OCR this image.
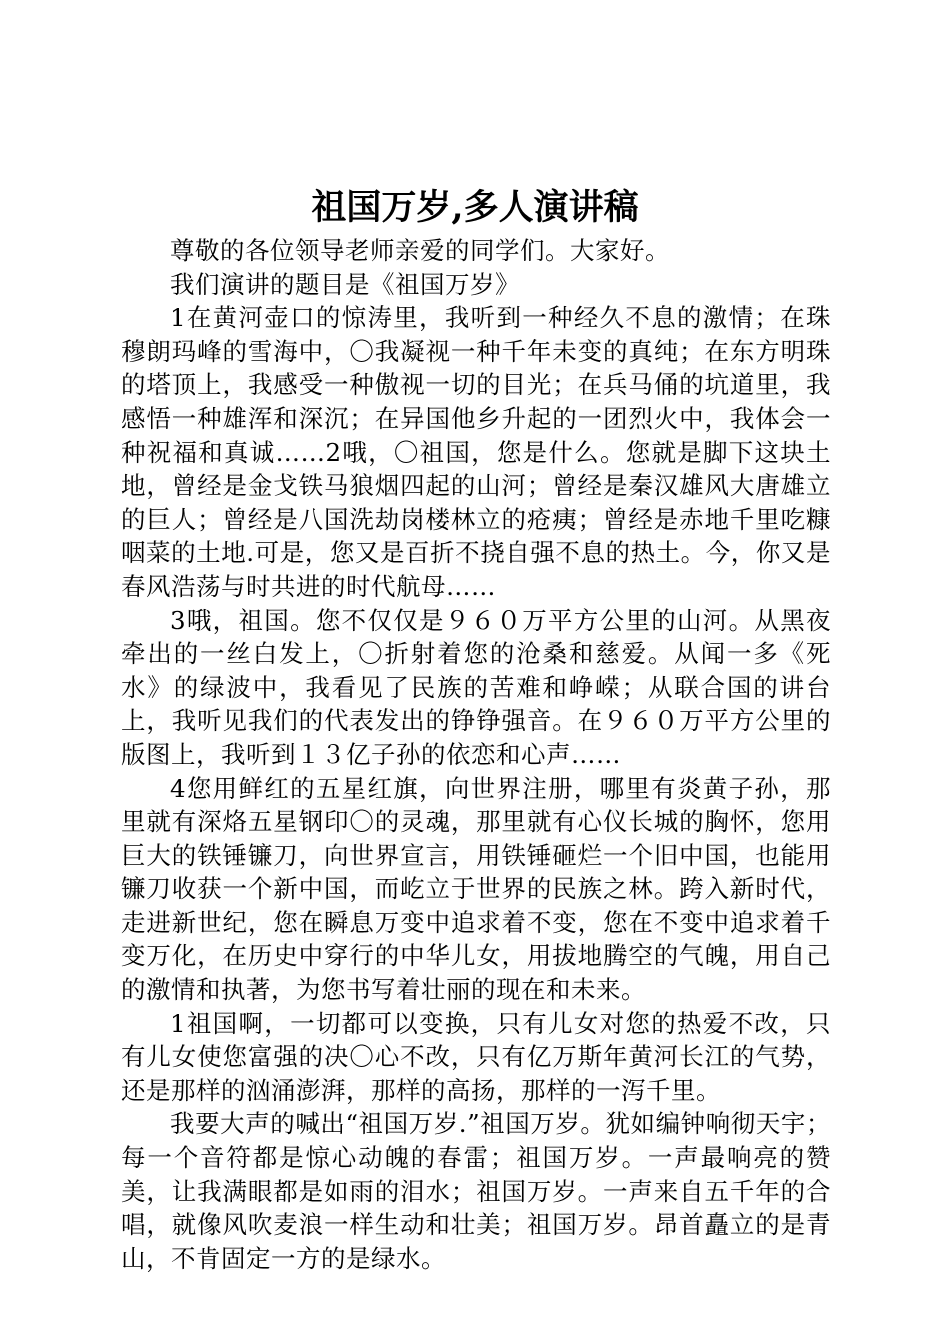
祖国万岁,多人演讲稿

尊敬的各位领导老师亲爱的同学们。大家好。

我们演讲的题目是《祖国万岁》

1在黄河壶口的惊涛里，我听到一种经久不息的激情；在珠穆朗玛峰的雪海中，〇我凝视一种千年未变的真纯；在东方明珠的塔顶上，我感受一种傲视一切的目光；在兵马俑的坑道里，我感悟一种雄浑和深沉；在异国他乡升起的一团烈火中，我体会一种祝福和真诚……2哦，〇祖国，您是什么。您就是脚下这块土地，曾经是金戈铁马狼烟四起的山河；曾经是秦汉雄风大唐雄立的巨人；曾经是八国洗劫岗楼林立的疮痍；曾经是赤地千里吃糠咽菜的土地.可是，您又是百折不挠自强不息的热土。今，你又是春风浩荡与时共进的时代航母……

3哦，祖国。您不仅仅是９６０万平方公里的山河。从黑夜牵出的一丝白发上，〇折射着您的沧桑和慈爱。从闻一多《死水》的绿波中，我看见了民族的苦难和峥嵘；从联合国的讲台上，我听见我们的代表发出的铮铮强音。在９６０万平方公里的版图上，我听到１３亿子孙的依恋和心声……

4您用鲜红的五星红旗，向世界注册，哪里有炎黄子孙，那里就有深烙五星钢印〇的灵魂，那里就有心仪长城的胸怀，您用巨大的铁锤镰刀，向世界宣言，用铁锤砸烂一个旧中国，也能用镰刀收获一个新中国，而屹立于世界的民族之林。跨入新时代，走进新世纪，您在瞬息万变中追求着不变，您在不变中追求着千变万化，在历史中穿行的中华儿女，用拔地腾空的气魄，用自己的激情和执著，为您书写着壮丽的现在和未来。

1祖国啊，一切都可以变换，只有儿女对您的热爱不改，只有儿女使您富强的决〇心不改，只有亿万斯年黄河长江的气势，还是那样的汹涌澎湃，那样的高扬，那样的一泻千里。

我要大声的喊出“祖国万岁.”祖国万岁。犹如编钟响彻天宇；每一个音符都是惊心动魄的春雷；祖国万岁。一声最响亮的赞美，让我满眼都是如雨的泪水；祖国万岁。一声来自五千年的合唱，就像风吹麦浪一样生动和壮美；祖国万岁。昂首矗立的是青山，不肯固定一方的是绿水。
